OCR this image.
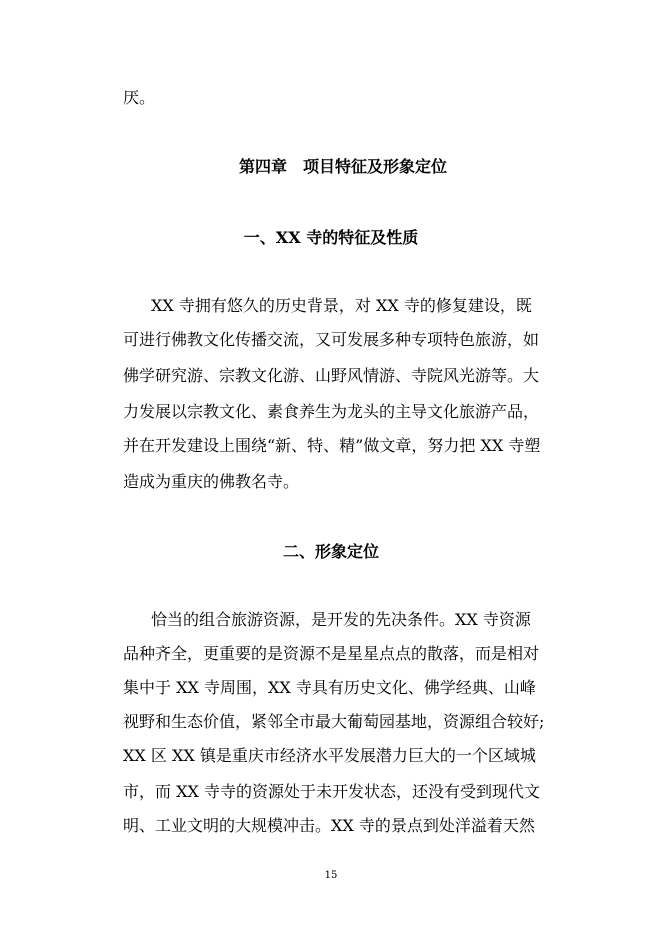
厌。
第四章　项目特征及形象定位
一、XX 寺的特征及性质
XX 寺拥有悠久的历史背景，对 XX 寺的修复建设，既
可进行佛教文化传播交流，又可发展多种专项特色旅游，如
佛学研究游、宗教文化游、山野风情游、寺院风光游等。大
力发展以宗教文化、素食养生为龙头的主导文化旅游产品，
并在开发建设上围绕“新、特、精”做文章，努力把 XX 寺塑
造成为重庆的佛教名寺。
二、形象定位
恰当的组合旅游资源，是开发的先决条件。XX 寺资源
品种齐全，更重要的是资源不是星星点点的散落，而是相对
集中于 XX 寺周围，XX 寺具有历史文化、佛学经典、山峰
视野和生态价值，紧邻全市最大葡萄园基地，资源组合较好;
XX 区 XX 镇是重庆市经济水平发展潜力巨大的一个区域城
市，而 XX 寺寺的资源处于未开发状态，还没有受到现代文
明、工业文明的大规模冲击。XX 寺的景点到处洋溢着天然
15
